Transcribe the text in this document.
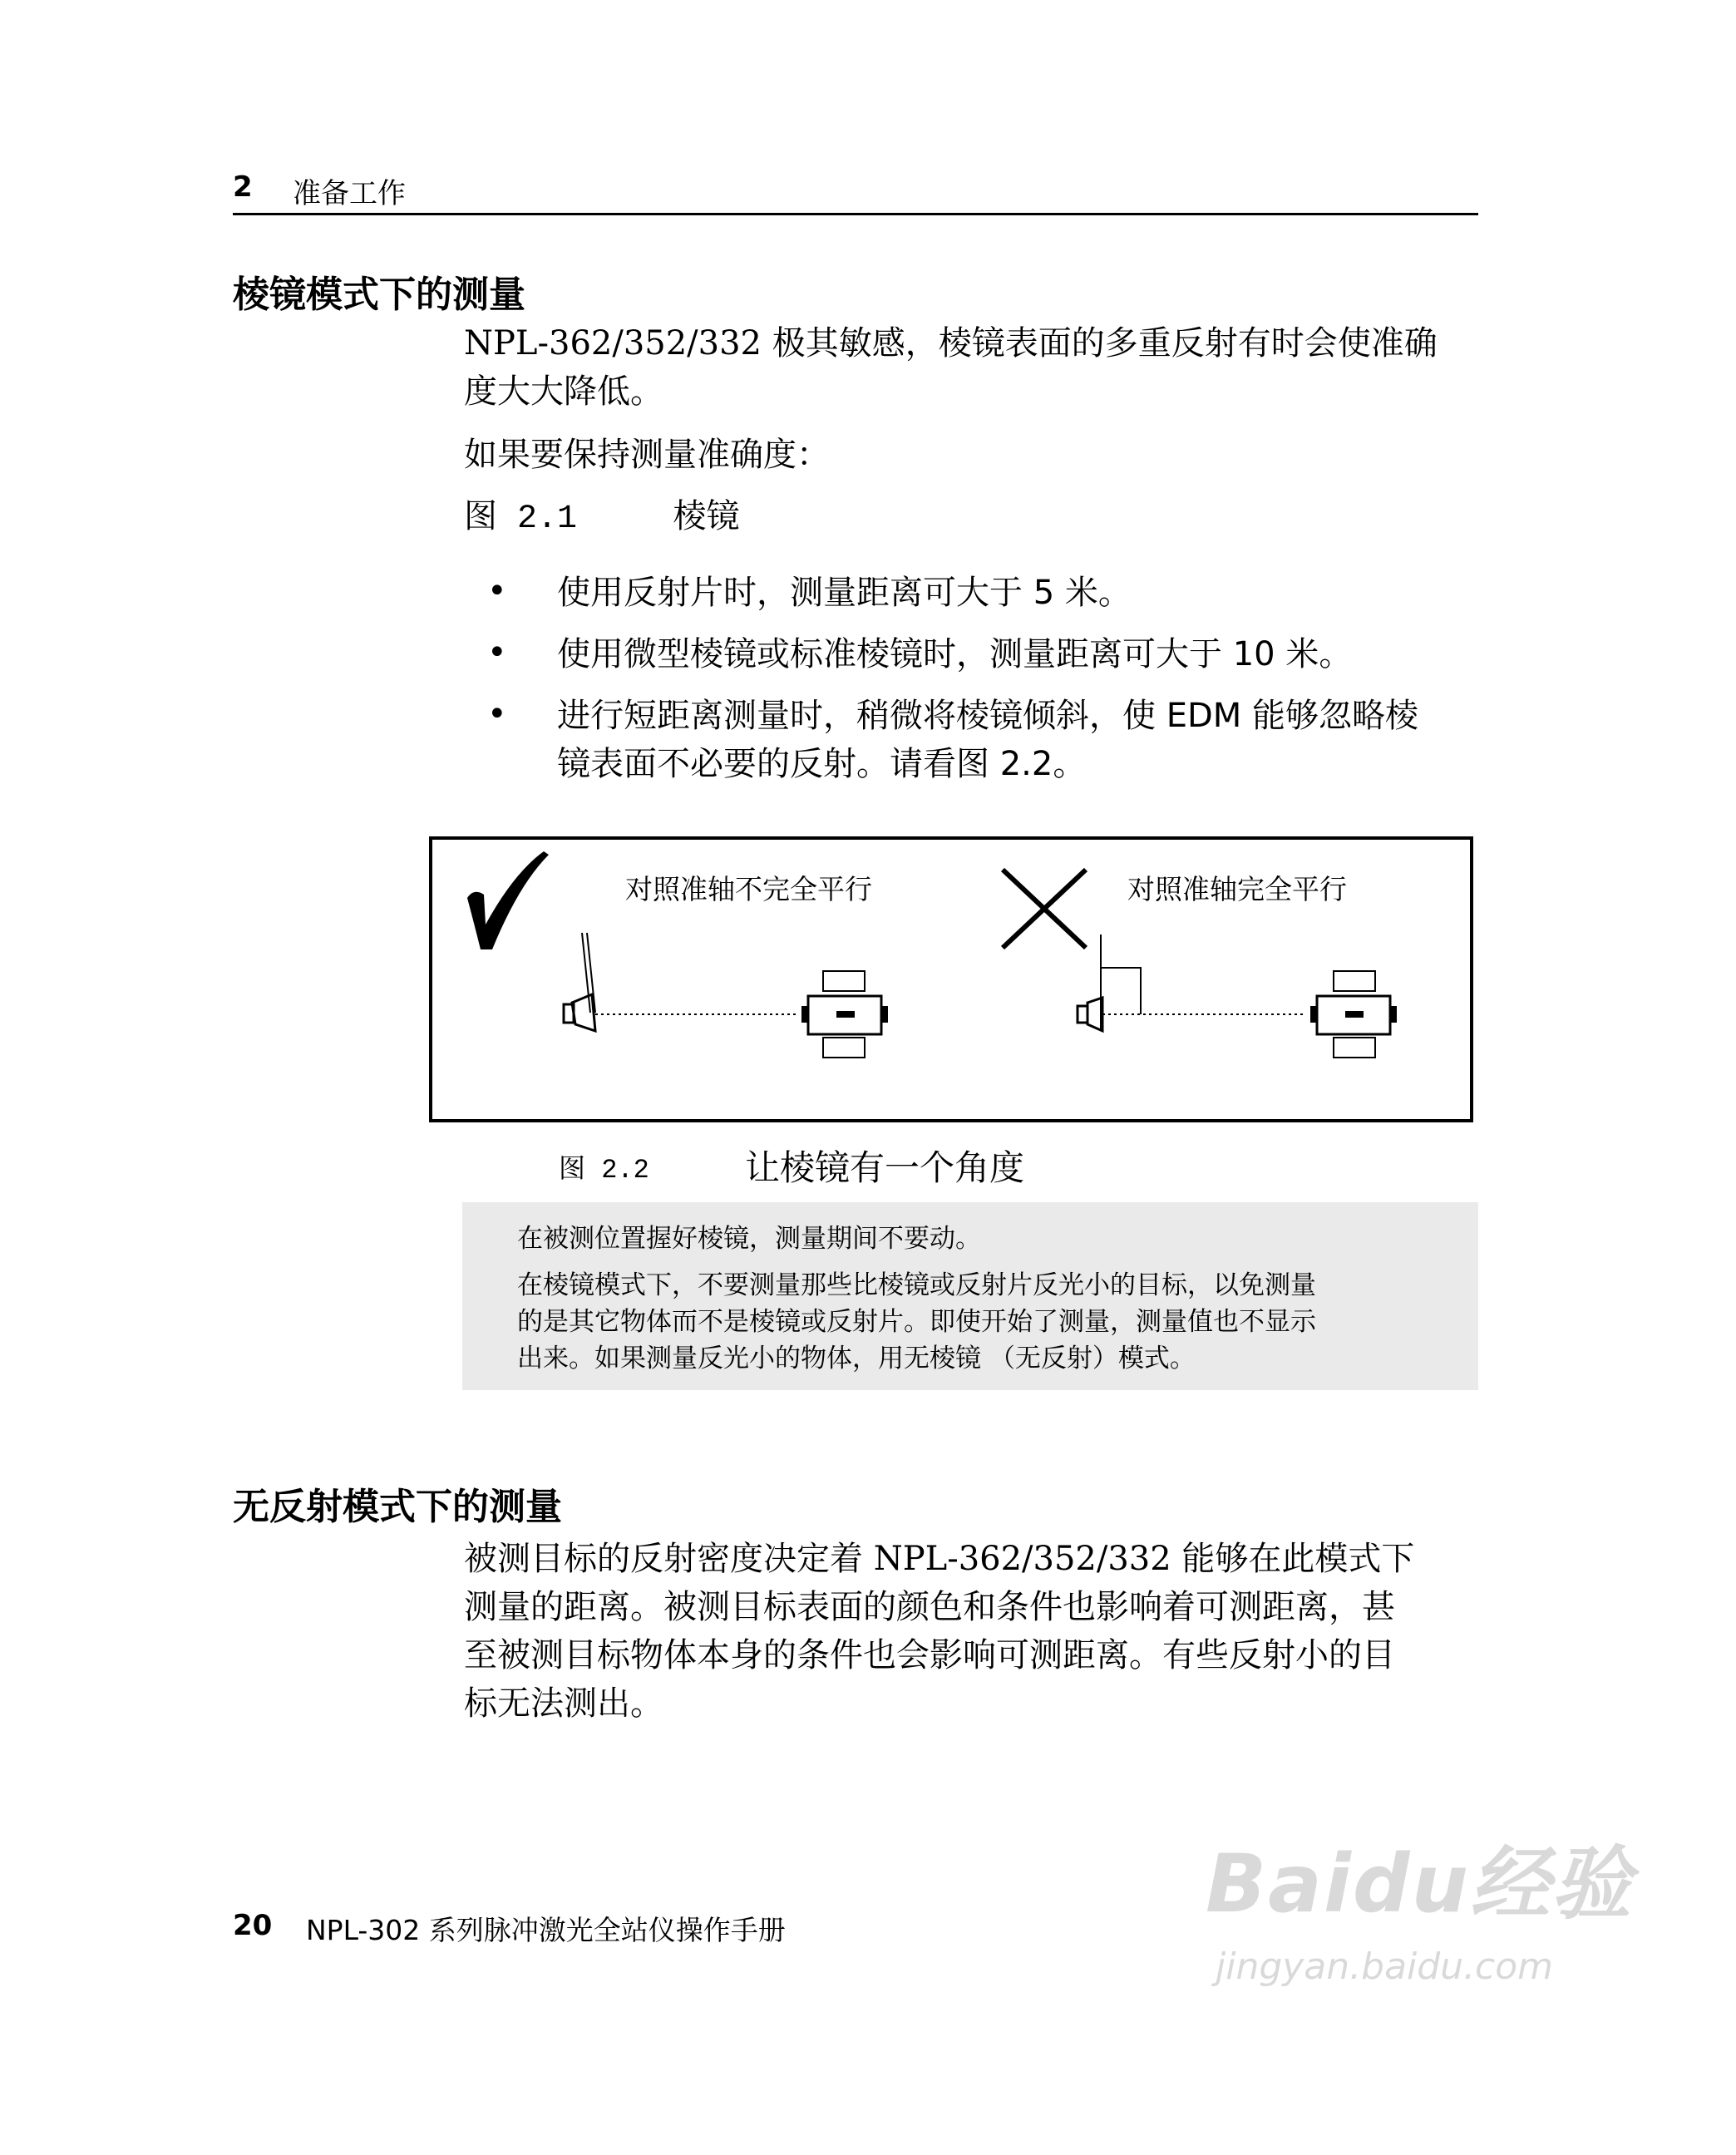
2 准备工作
棱镜模式下的测量
NPL-362/352/332 极其敏感，棱镜表面的多重反射有时会使准确
度大大降低。
如果要保持测量准确度：
图 2.1	棱镜
• 使用反射片时，测量距离可大于 5 米。
• 使用微型棱镜或标准棱镜时，测量距离可大于 10 米。
• 进行短距离测量时，稍微将棱镜倾斜，使 EDM 能够忽略棱
镜表面不必要的反射。请看图 2.2。
对照准轴不完全平行	对照准轴完全平行
图 2.2	让棱镜有一个角度
在被测位置握好棱镜，测量期间不要动。
在棱镜模式下，不要测量那些比棱镜或反射片反光小的目标，以免测量
的是其它物体而不是棱镜或反射片。即使开始了测量，测量值也不显示
出来。如果测量反光小的物体，用无棱镜 （无反射）模式。
无反射模式下的测量
被测目标的反射密度决定着 NPL-362/352/332 能够在此模式下
测量的距离。被测目标表面的颜色和条件也影响着可测距离，甚
至被测目标物体本身的条件也会影响可测距离。有些反射小的目
标无法测出。
20 NPL-302 系列脉冲激光全站仪操作手册	Baidu经验
jingyan.baidu.com
